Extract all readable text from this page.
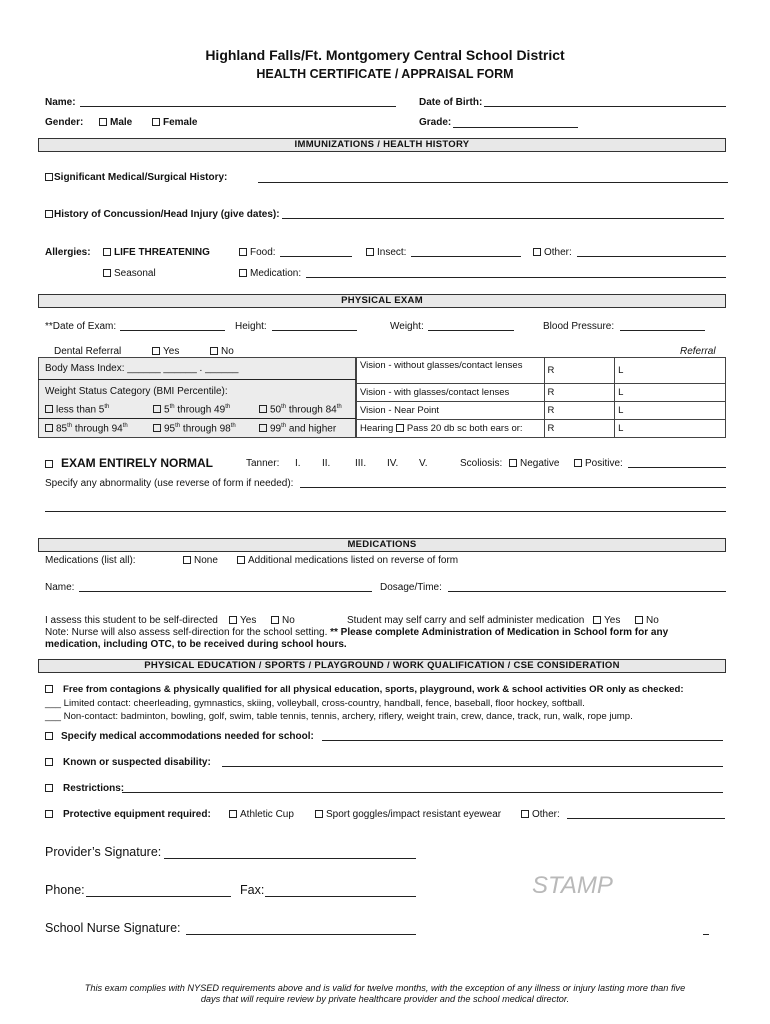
Highland Falls/Ft. Montgomery Central School District
HEALTH CERTIFICATE / APPRAISAL FORM
Name:	Date of Birth:
Gender:	Male	Female	Grade:
IMMUNIZATIONS / HEALTH HISTORY
Significant Medical/Surgical History:
History of Concussion/Head Injury (give dates):
Allergies:	LIFE THREATENING	Food:	Insect:	Other:
Seasonal	Medication:
PHYSICAL EXAM
**Date of Exam:	Height:	Weight:	Blood Pressure:
Dental Referral	Yes	No	Referral
Body Mass Index: ______ ______ . ______
Weight Status Category (BMI Percentile):
less than 5th	5th through 49th	50th through 84th
85th through 94th	95th through 98th	99th and higher
Vision - without glasses/contact lenses	R	L
Vision - with glasses/contact lenses	R	L
Vision - Near Point	R	L
Hearing Pass 20 db sc both ears or:	R	L
EXAM ENTIRELY NORMAL	Tanner: I. II. III. IV. V.	Scoliosis:	Negative	Positive:
Specify any abnormality (use reverse of form if needed):
MEDICATIONS
Medications (list all):	None	Additional medications listed on reverse of form
Name:	Dosage/Time:
I assess this student to be self-directed	Yes	No	Student may self carry and self administer medication	Yes	No
Note: Nurse will also assess self-direction for the school setting. ** Please complete Administration of Medication in School form for any
medication, including OTC, to be received during school hours.
PHYSICAL EDUCATION / SPORTS / PLAYGROUND / WORK QUALIFICATION / CSE CONSIDERATION
Free from contagions & physically qualified for all physical education, sports, playground, work & school activities OR only as checked:
___ Limited contact: cheerleading, gymnastics, skiing, volleyball, cross-country, handball, fence, baseball, floor hockey, softball.
___ Non-contact: badminton, bowling, golf, swim, table tennis, tennis, archery, riflery, weight train, crew, dance, track, run, walk, rope jump.
Specify medical accommodations needed for school:
Known or suspected disability:
Restrictions:
Protective equipment required:	Athletic Cup	Sport goggles/impact resistant eyewear	Other:
Provider’s Signature:
Phone:	Fax:	STAMP
School Nurse Signature:
This exam complies with NYSED requirements above and is valid for twelve months, with the exception of any illness or injury lasting more than five
days that will require review by private healthcare provider and the school medical director.
